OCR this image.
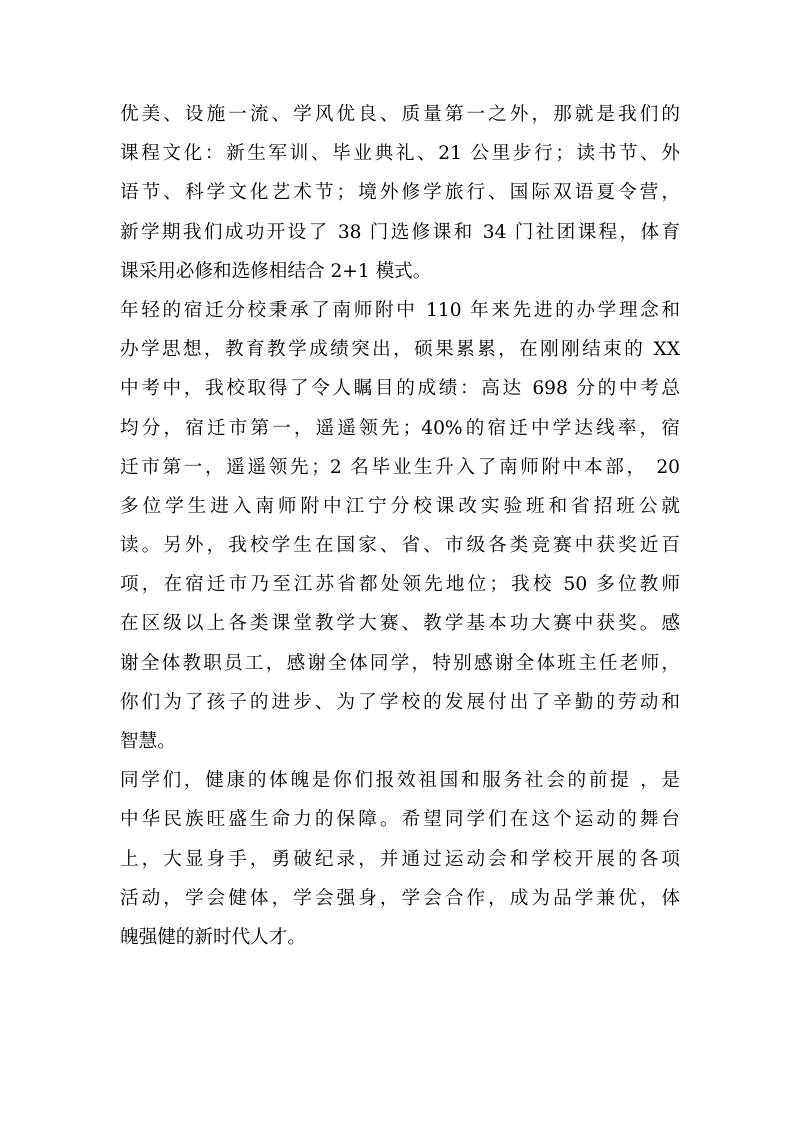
优美、设施一流、学风优良、质量第一之外，那就是我们的
课程文化：新生军训、毕业典礼、21 公里步行；读书节、外
语节、科学文化艺术节；境外修学旅行、国际双语夏令营，
新学期我们成功开设了 38 门选修课和 34 门社团课程，体育
课采用必修和选修相结合 2+1 模式。
年轻的宿迁分校秉承了南师附中 110 年来先进的办学理念和
办学思想，教育教学成绩突出，硕果累累，在刚刚结束的 XX
中考中，我校取得了令人瞩目的成绩：高达 698 分的中考总
均分，宿迁市第一，遥遥领先；40%的宿迁中学达线率，宿
迁市第一，遥遥领先；2 名毕业生升入了南师附中本部， 20
多位学生进入南师附中江宁分校课改实验班和省招班公就
读。另外，我校学生在国家、省、市级各类竞赛中获奖近百
项，在宿迁市乃至江苏省都处领先地位；我校 50 多位教师
在区级以上各类课堂教学大赛、教学基本功大赛中获奖。感
谢全体教职员工，感谢全体同学，特别感谢全体班主任老师，
你们为了孩子的进步、为了学校的发展付出了辛勤的劳动和
智慧。
同学们，健康的体魄是你们报效祖国和服务社会的前提 ，是
中华民族旺盛生命力的保障。希望同学们在这个运动的舞台
上，大显身手，勇破纪录，并通过运动会和学校开展的各项
活动，学会健体，学会强身，学会合作，成为品学兼优，体
魄强健的新时代人才。
